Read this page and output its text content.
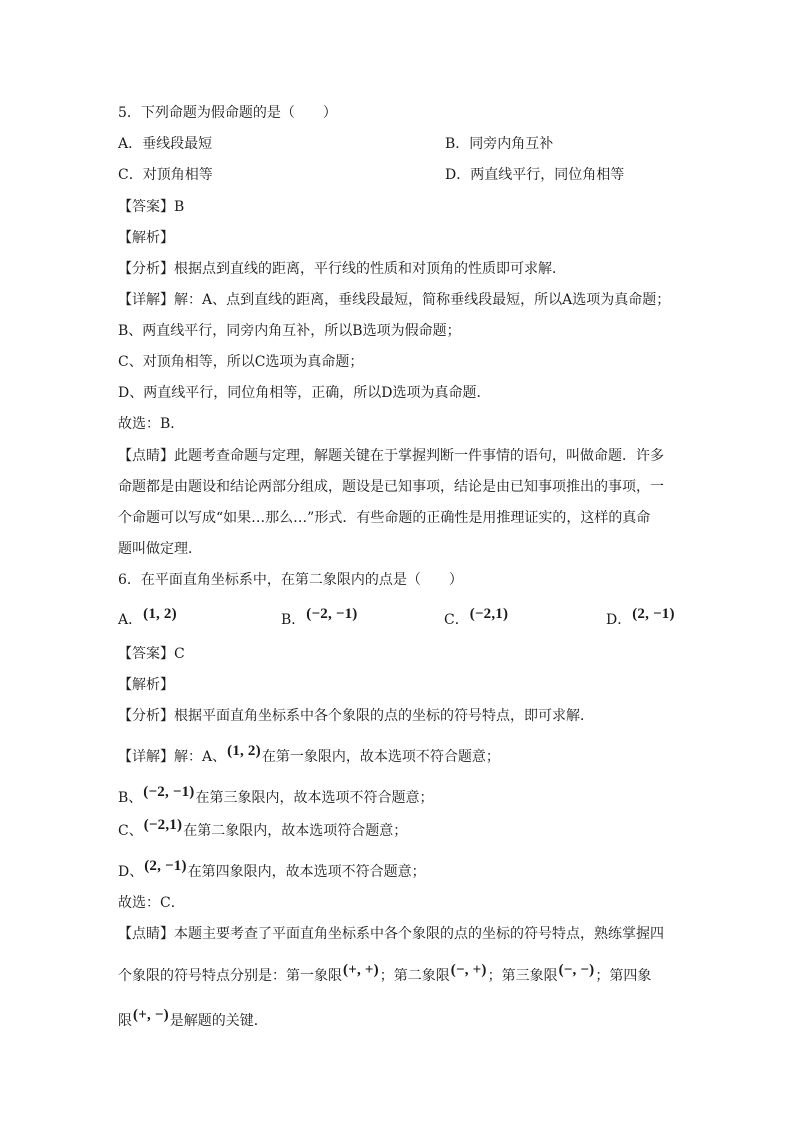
5．下列命题为假命题的是（　　）
A．垂线段最短	B．同旁内角互补
C．对顶角相等	D．两直线平行，同位角相等
【答案】B
【解析】
【分析】根据点到直线的距离，平行线的性质和对顶角的性质即可求解．
【详解】解：A、点到直线的距离，垂线段最短，简称垂线段最短，所以A选项为真命题；
B、两直线平行，同旁内角互补，所以B选项为假命题；
C、对顶角相等，所以C选项为真命题；
D、两直线平行，同位角相等，正确，所以D选项为真命题．
故选：B．
【点睛】此题考查命题与定理，解题关键在于掌握判断一件事情的语句，叫做命题．许多
命题都是由题设和结论两部分组成，题设是已知事项，结论是由已知事项推出的事项，一
个命题可以写成“如果…那么…”形式．有些命题的正确性是用推理证实的，这样的真命
题叫做定理．
6．在平面直角坐标系中，在第二象限内的点是（　　）
A．(1, 2)	B．(−2, −1)	C．(−2,1)	D．(2, −1)
【答案】C
【解析】
【分析】根据平面直角坐标系中各个象限的点的坐标的符号特点，即可求解．
【详解】解：A、(1, 2)在第一象限内，故本选项不符合题意；
B、(−2, −1)在第三象限内，故本选项不符合题意；
C、(−2,1)在第二象限内，故本选项符合题意；
D、(2, −1)在第四象限内，故本选项不符合题意；
故选：C．
【点睛】本题主要考查了平面直角坐标系中各个象限的点的坐标的符号特点，熟练掌握四
个象限的符号特点分别是：第一象限(+, +)；第二象限(−, +)；第三象限(−, −)；第四象
限(+, −)是解题的关键．
